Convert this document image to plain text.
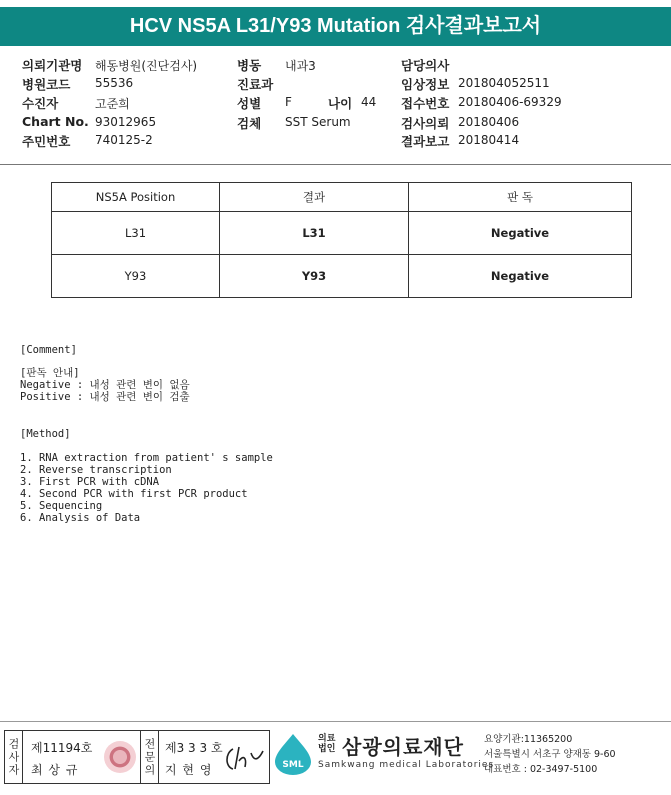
HCV NS5A L31/Y93 Mutation 검사결과보고서
의뢰기관명 해동병원(진단검사)
병원코드 55536
수진자	고준희
Chart No. 93012965
주민번호 740125-2
병동 내과3
진료과
성별 F	나이 44
검체 SST Serum
담당의사
임상정보 20180405​2511
접수번호 20180406-69329
검사의뢰 20180406
결과보고 20180414
NS5A Position	결과	판 독
L31	L31	Negative
Y93	Y93	Negative
[Comment]
[판독 안내]
Negative : 내성 관련 변이 없음
Positive : 내성 관련 변이 검출
[Method]
1. RNA extraction from patient' s sample
2. Reverse transcription
3. First PCR with cDNA
4. Second PCR with first PCR product
5. Sequencing
6. Analysis of Data
검사자 제11194호
최 상 규	전문의 제3 3 3 호
지 현 영	SML
의료
법인 삼광의료재단
Samkwang medical Laboratories
요양기관:11365200
서울특별시 서초구 양재동 9-60
대표번호 : 02-3497-5100
